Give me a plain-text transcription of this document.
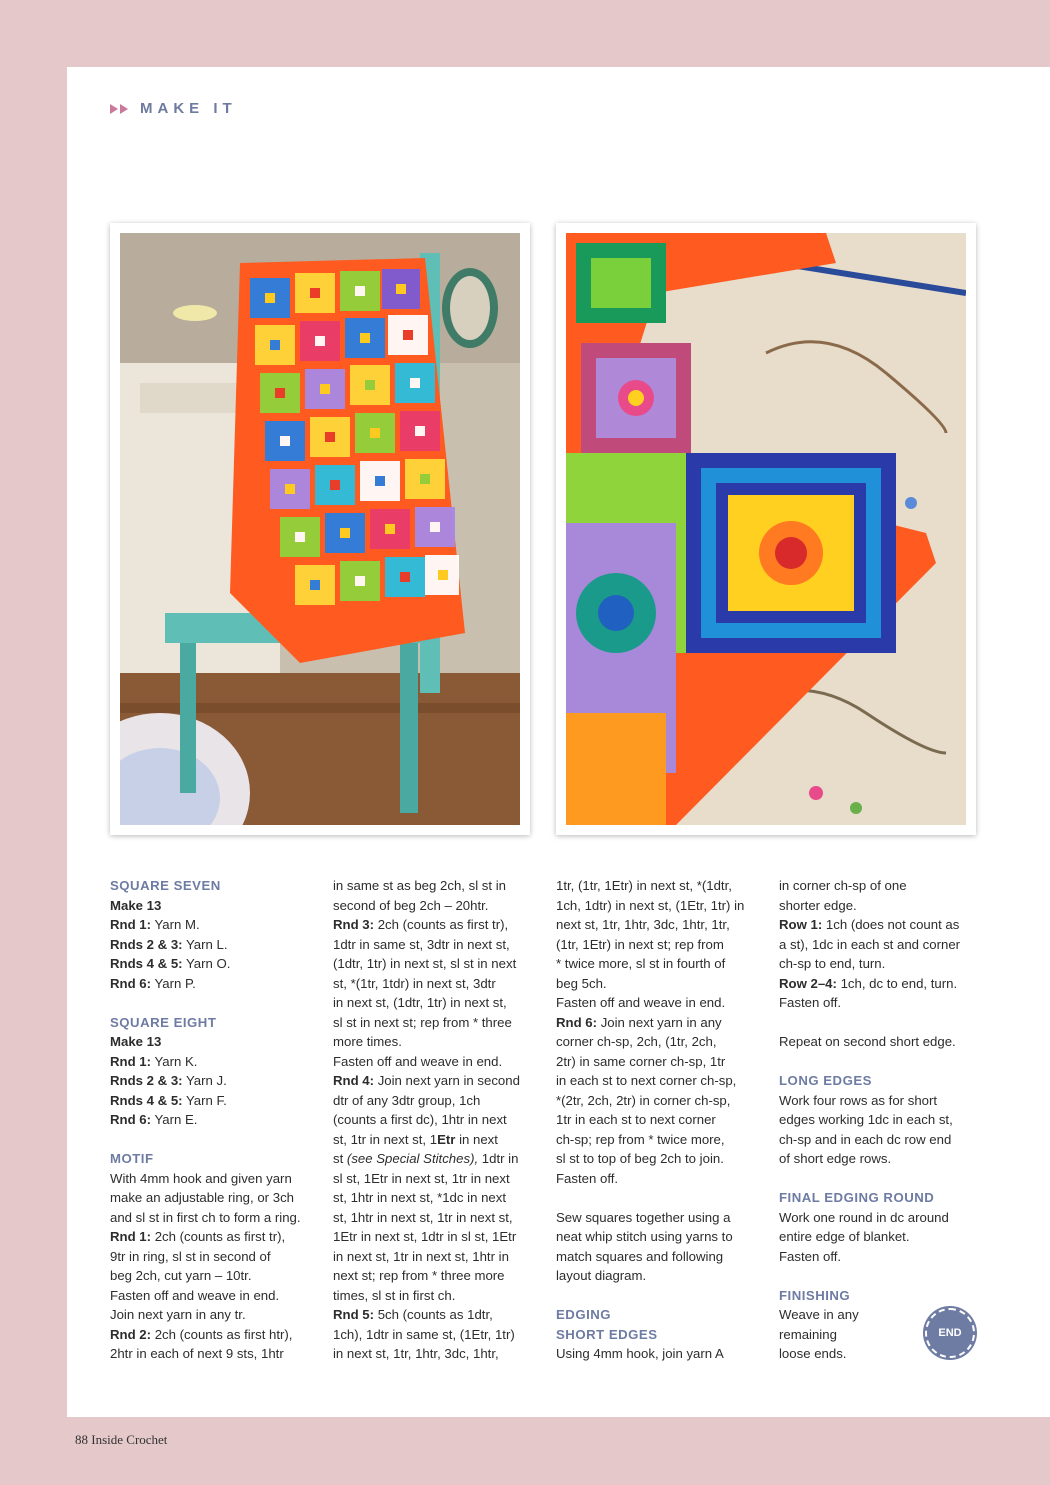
MAKE IT
SQUARE SEVEN
Make 13
Rnd 1: Yarn M.
Rnds 2 & 3: Yarn L.
Rnds 4 & 5: Yarn O.
Rnd 6: Yarn P.
SQUARE EIGHT
Make 13
Rnd 1: Yarn K.
Rnds 2 & 3: Yarn J.
Rnds 4 & 5: Yarn F.
Rnd 6: Yarn E.
MOTIF
With 4mm hook and given yarn
make an adjustable ring, or 3ch
and sl st in first ch to form a ring.
Rnd 1: 2ch (counts as first tr),
9tr in ring, sl st in second of
beg 2ch, cut yarn – 10tr.
Fasten off and weave in end.
Join next yarn in any tr.
Rnd 2: 2ch (counts as first htr),
2htr in each of next 9 sts, 1htr
in same st as beg 2ch, sl st in
second of beg 2ch – 20htr.
Rnd 3: 2ch (counts as first tr),
1dtr in same st, 3dtr in next st,
(1dtr, 1tr) in next st, sl st in next
st, *(1tr, 1tdr) in next st, 3dtr
in next st, (1dtr, 1tr) in next st,
sl st in next st; rep from * three
more times.
Fasten off and weave in end.
Rnd 4: Join next yarn in second
dtr of any 3dtr group, 1ch
(counts a first dc), 1htr in next
st, 1tr in next st, 1Etr in next
st (see Special Stitches), 1dtr in
sl st, 1Etr in next st, 1tr in next
st, 1htr in next st, *1dc in next
st, 1htr in next st, 1tr in next st,
1Etr in next st, 1dtr in sl st, 1Etr
in next st, 1tr in next st, 1htr in
next st; rep from * three more
times, sl st in first ch.
Rnd 5: 5ch (counts as 1dtr,
1ch), 1dtr in same st, (1Etr, 1tr)
in next st, 1tr, 1htr, 3dc, 1htr,
1tr, (1tr, 1Etr) in next st, *(1dtr,
1ch, 1dtr) in next st, (1Etr, 1tr) in
next st, 1tr, 1htr, 3dc, 1htr, 1tr,
(1tr, 1Etr) in next st; rep from
* twice more, sl st in fourth of
beg 5ch.
Fasten off and weave in end.
Rnd 6: Join next yarn in any
corner ch-sp, 2ch, (1tr, 2ch,
2tr) in same corner ch-sp, 1tr
in each st to next corner ch-sp,
*(2tr, 2ch, 2tr) in corner ch-sp,
1tr in each st to next corner
ch-sp; rep from * twice more,
sl st to top of beg 2ch to join.
Fasten off.
Sew squares together using a
neat whip stitch using yarns to
match squares and following
layout diagram.
EDGING
SHORT EDGES
Using 4mm hook, join yarn A
in corner ch-sp of one
shorter edge.
Row 1: 1ch (does not count as
a st), 1dc in each st and corner
ch-sp to end, turn.
Row 2–4: 1ch, dc to end, turn.
Fasten off.
Repeat on second short edge.
LONG EDGES
Work four rows as for short
edges working 1dc in each st,
ch-sp and in each dc row end
of short edge rows.
FINAL EDGING ROUND
Work one round in dc around
entire edge of blanket.
Fasten off.
FINISHING
Weave in any
remaining
loose ends.
END
88 Inside Crochet
